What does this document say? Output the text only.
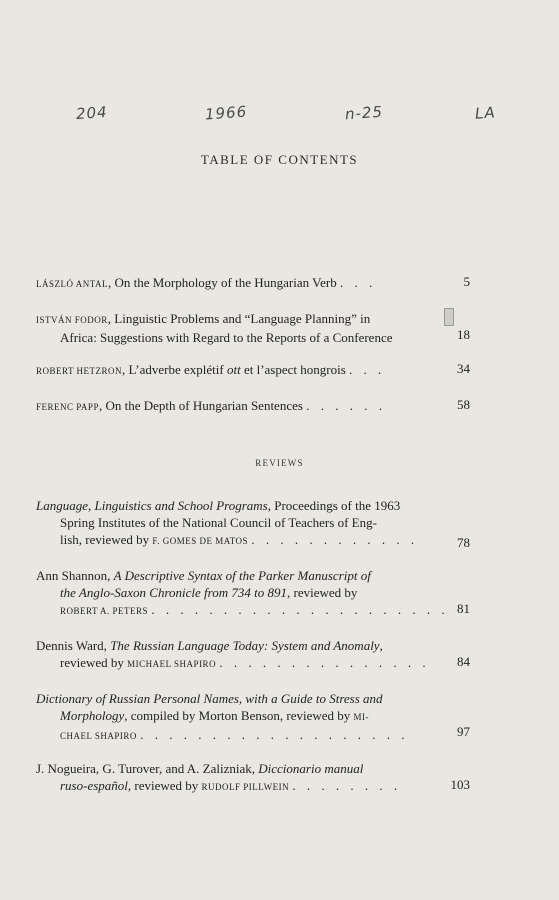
204	1966	n-25	LA
TABLE OF CONTENTS
LÁSZLÓ ANTAL, On the Morphology of the Hungarian Verb . . .	5
ISTVÁN FODOR, Linguistic Problems and “Language Planning” in
Africa: Suggestions with Regard to the Reports of a Conference	18
ROBERT HETZRON, L’adverbe explétif ott et l’aspect hongrois . . .	34
FERENC PAPP, On the Depth of Hungarian Sentences . . . . . .	58
REVIEWS
Language, Linguistics and School Programs, Proceedings of the 1963
Spring Institutes of the National Council of Teachers of Eng-
lish, reviewed by F. GOMES DE MATOS . . . . . . . . . . . .	78
Ann Shannon, A Descriptive Syntax of the Parker Manuscript of
the Anglo-Saxon Chronicle from 734 to 891, reviewed by
ROBERT A. PETERS . . . . . . . . . . . . . . . . . . . . . 81
Dennis Ward, The Russian Language Today: System and Anomaly,
reviewed by MICHAEL SHAPIRO . . . . . . . . . . . . . . .	84
Dictionary of Russian Personal Names, with a Guide to Stress and
Morphology, compiled by Morton Benson, reviewed by MI-
CHAEL SHAPIRO . . . . . . . . . . . . . . . . . . .	97
J. Nogueira, G. Turover, and A. Zalizniak, Diccionario manual
ruso-español, reviewed by RUDOLF PILLWEIN . . . . . . . .	103
